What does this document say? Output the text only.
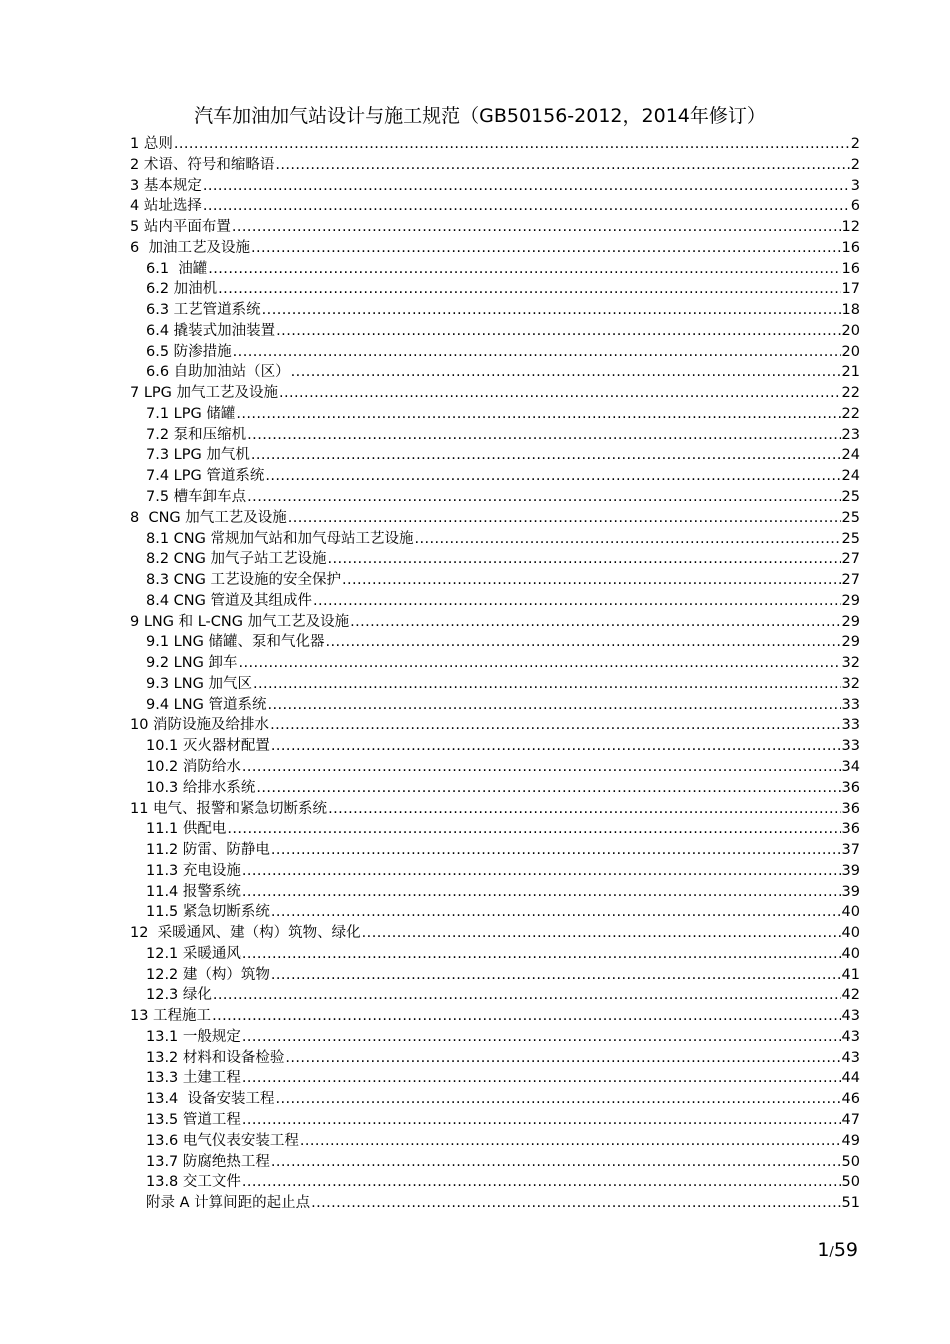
汽车加油加气站设计与施工规范（GB50156-2012，2014年修订）
1 总则 .....	2
2 术语、符号和缩略语 .....	2
3 基本规定 .....	3
4 站址选择 .....	6
5 站内平面布置 .....	12
6  加油工艺及设施 .....	16
6.1  油罐 .....	16
6.2 加油机 .....	17
6.3 工艺管道系统 .....	18
6.4 撬装式加油装置 .....	20
6.5 防渗措施 .....	20
6.6 自助加油站（区） .....	21
7 LPG 加气工艺及设施 .....	22
7.1 LPG 储罐 .....	22
7.2 泵和压缩机 .....	23
7.3 LPG 加气机 .....	24
7.4 LPG 管道系统 .....	24
7.5 槽车卸车点 .....	25
8  CNG 加气工艺及设施 .....	25
8.1 CNG 常规加气站和加气母站工艺设施 .....	25
8.2 CNG 加气子站工艺设施 .....	27
8.3 CNG 工艺设施的安全保护 .....	27
8.4 CNG 管道及其组成件 .....	29
9 LNG 和 L-CNG 加气工艺及设施 .....	29
9.1 LNG 储罐、泵和气化器 .....	29
9.2 LNG 卸车 .....	32
9.3 LNG 加气区 .....	32
9.4 LNG 管道系统 .....	33
10 消防设施及给排水 .....	33
10.1 灭火器材配置 .....	33
10.2 消防给水 .....	34
10.3 给排水系统 .....	36
11 电气、报警和紧急切断系统 .....	36
11.1 供配电 .....	36
11.2 防雷、防静电 .....	37
11.3 充电设施 .....	39
11.4 报警系统 .....	39
11.5 紧急切断系统 .....	40
12  采暖通风、建（构）筑物、绿化 .....	40
12.1 采暖通风 .....	40
12.2 建（构）筑物 .....	41
12.3 绿化 .....	42
13 工程施工 .....	43
13.1 一般规定 .....	43
13.2 材料和设备检验 .....	43
13.3 土建工程 .....	44
13.4  设备安装工程 .....	46
13.5 管道工程 .....	47
13.6 电气仪表安装工程 .....	49
13.7 防腐绝热工程 .....	50
13.8 交工文件 .....	50
附录 A 计算间距的起止点 .....	51
1/59
